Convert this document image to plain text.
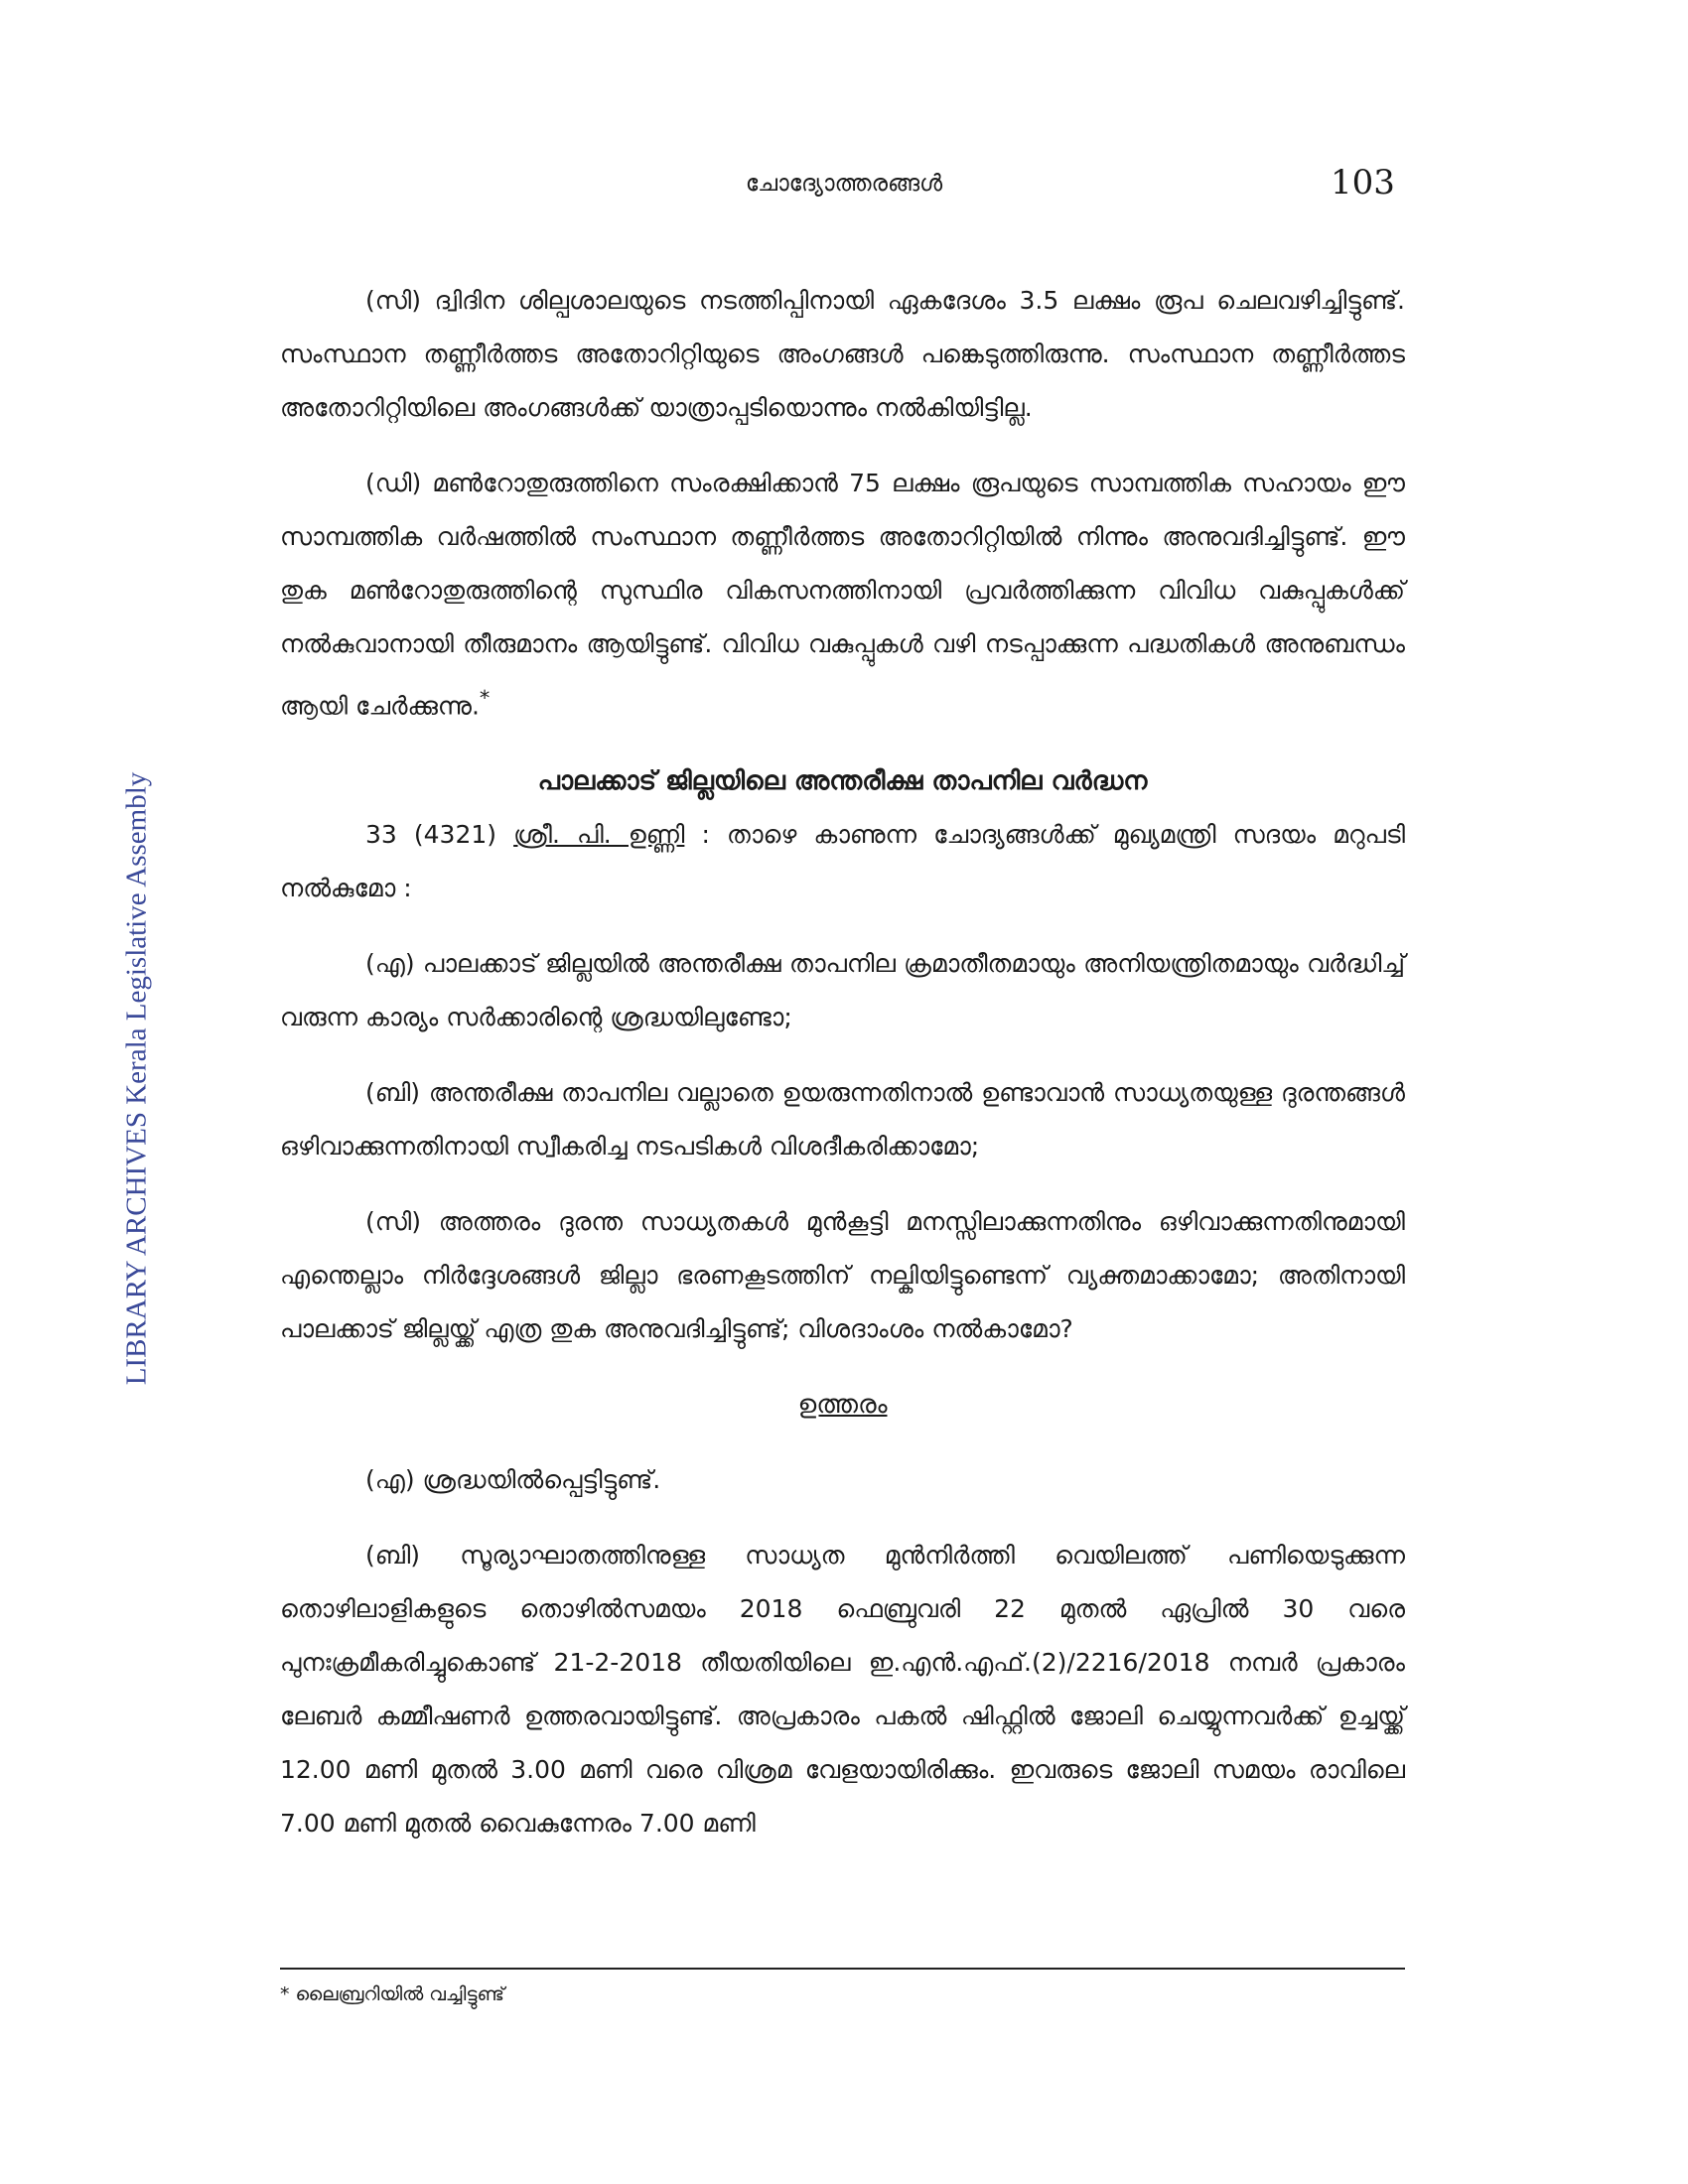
ചോദ്യോത്തരങ്ങൾ	103
LIBRARY ARCHIVES Kerala Legislative Assembly

(സി) ദ്വിദിന ശില്പശാലയുടെ നടത്തിപ്പിനായി ഏകദേശം 3.5 ലക്ഷം രൂപ ചെലവഴിച്ചിട്ടുണ്ട്. സംസ്ഥാന തണ്ണീർത്തട അതോറിറ്റിയുടെ അംഗങ്ങൾ പങ്കെടുത്തിരുന്നു. സംസ്ഥാന തണ്ണീർത്തട അതോറിറ്റിയിലെ അംഗങ്ങൾക്ക് യാത്രാപ്പടിയൊന്നും നൽകിയിട്ടില്ല.

(ഡി) മൺറോതുരുത്തിനെ സംരക്ഷിക്കാൻ 75 ലക്ഷം രൂപയുടെ സാമ്പത്തിക സഹായം ഈ സാമ്പത്തിക വർഷത്തിൽ സംസ്ഥാന തണ്ണീർത്തട അതോറിറ്റിയിൽ നിന്നും അനുവദിച്ചിട്ടുണ്ട്. ഈ തുക മൺറോതുരുത്തിന്റെ സുസ്ഥിര വികസനത്തിനായി പ്രവർത്തിക്കുന്ന വിവിധ വകുപ്പുകൾക്ക് നൽകുവാനായി തീരുമാനം ആയിട്ടുണ്ട്. വിവിധ വകുപ്പുകൾ വഴി നടപ്പാക്കുന്ന പദ്ധതികൾ അനുബന്ധം ആയി ചേർക്കുന്നു.*

പാലക്കാട് ജില്ലയിലെ അന്തരീക്ഷ താപനില വർദ്ധന

33 (4321) ശ്രീ. പി. ഉണ്ണി : താഴെ കാണുന്ന ചോദ്യങ്ങൾക്ക് മുഖ്യമന്ത്രി സദയം മറുപടി നൽകുമോ :

(എ) പാലക്കാട് ജില്ലയിൽ അന്തരീക്ഷ താപനില ക്രമാതീതമായും അനിയന്ത്രിതമായും വർദ്ധിച്ച് വരുന്ന കാര്യം സർക്കാരിന്റെ ശ്രദ്ധയിലുണ്ടോ;

(ബി) അന്തരീക്ഷ താപനില വല്ലാതെ ഉയരുന്നതിനാൽ ഉണ്ടാവാൻ സാധ്യതയുള്ള ദുരന്തങ്ങൾ ഒഴിവാക്കുന്നതിനായി സ്വീകരിച്ച നടപടികൾ വിശദീകരിക്കാമോ;

(സി) അത്തരം ദുരന്ത സാധ്യതകൾ മുൻകൂട്ടി മനസ്സിലാക്കുന്നതിനും ഒഴിവാക്കുന്നതിനുമായി എന്തെല്ലാം നിർദ്ദേശങ്ങൾ ജില്ലാ ഭരണകൂടത്തിന് നല്കിയിട്ടുണ്ടെന്ന് വ്യക്തമാക്കാമോ; അതിനായി പാലക്കാട് ജില്ലയ്ക്ക് എത്ര തുക അനുവദിച്ചിട്ടുണ്ട്; വിശദാംശം നൽകാമോ?

ഉത്തരം

(എ) ശ്രദ്ധയിൽപ്പെട്ടിട്ടുണ്ട്.

(ബി) സൂര്യാഘാതത്തിനുള്ള സാധ്യത മുൻനിർത്തി വെയിലത്ത് പണിയെടുക്കുന്ന തൊഴിലാളികളുടെ തൊഴിൽസമയം 2018 ഫെബ്രുവരി 22 മുതൽ ഏപ്രിൽ 30 വരെ പുനഃക്രമീകരിച്ചുകൊണ്ട് 21-2-2018 തീയതിയിലെ ഇ.എൻ.എഫ്.(2)/2216/2018 നമ്പർ പ്രകാരം ലേബർ കമ്മീഷണർ ഉത്തരവായിട്ടുണ്ട്. അപ്രകാരം പകൽ ഷിഫ്റ്റിൽ ജോലി ചെയ്യുന്നവർക്ക് ഉച്ചയ്ക്ക് 12.00 മണി മുതൽ 3.00 മണി വരെ വിശ്രമ വേളയായിരിക്കും. ഇവരുടെ ജോലി സമയം രാവിലെ 7.00 മണി മുതൽ വൈകുന്നേരം 7.00 മണി

* ലൈബ്രറിയിൽ വച്ചിട്ടുണ്ട്
